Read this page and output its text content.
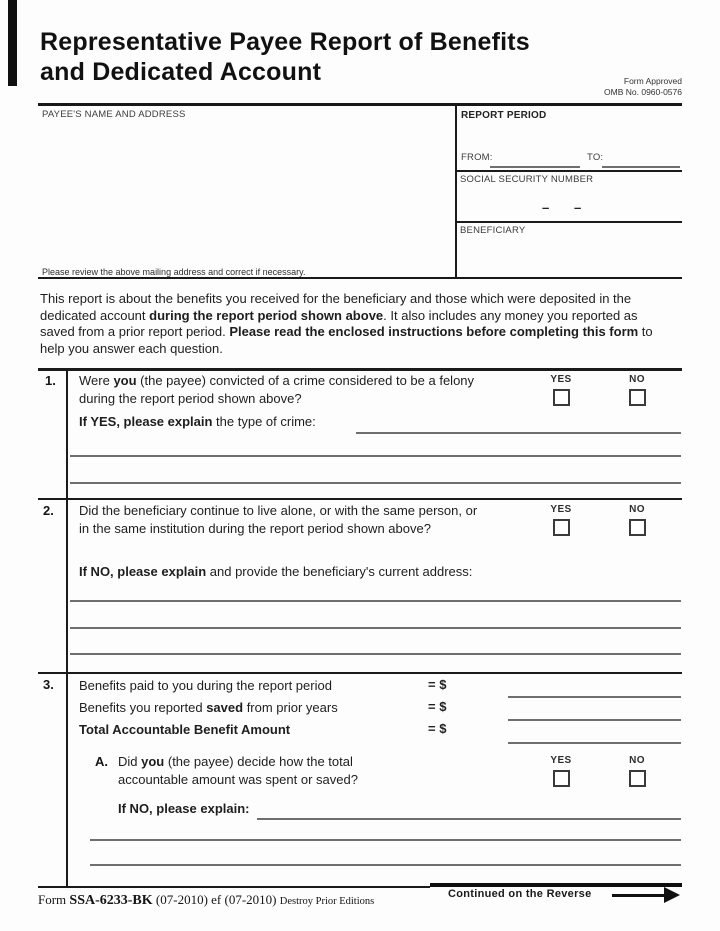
Representative Payee Report of Benefits
and Dedicated Account	Form Approved
OMB No. 0960-0576
PAYEE'S NAME AND ADDRESS
Please review the above mailing address and correct if necessary.
REPORT PERIOD
FROM:	TO:
SOCIAL SECURITY NUMBER
– –
BENEFICIARY
This report is about the benefits you received for the beneficiary and those which were deposited in the dedicated account during the report period shown above. It also includes any money you reported as saved from a prior report period. Please read the enclosed instructions before completing this form to help you answer each question.
1. Were you (the payee) convicted of a crime considered to be a felony during the report period shown above?
YES	NO
If YES, please explain the type of crime:
2. Did the beneficiary continue to live alone, or with the same person, or in the same institution during the report period shown above?
YES	NO
If NO, please explain and provide the beneficiary's current address:
3. Benefits paid to you during the report period	= $
Benefits you reported saved from prior years	= $
Total Accountable Benefit Amount	= $
A. Did you (the payee) decide how the total accountable amount was spent or saved?
YES	NO
If NO, please explain:
Form SSA-6233-BK (07-2010) ef (07-2010) Destroy Prior Editions
Continued on the Reverse
